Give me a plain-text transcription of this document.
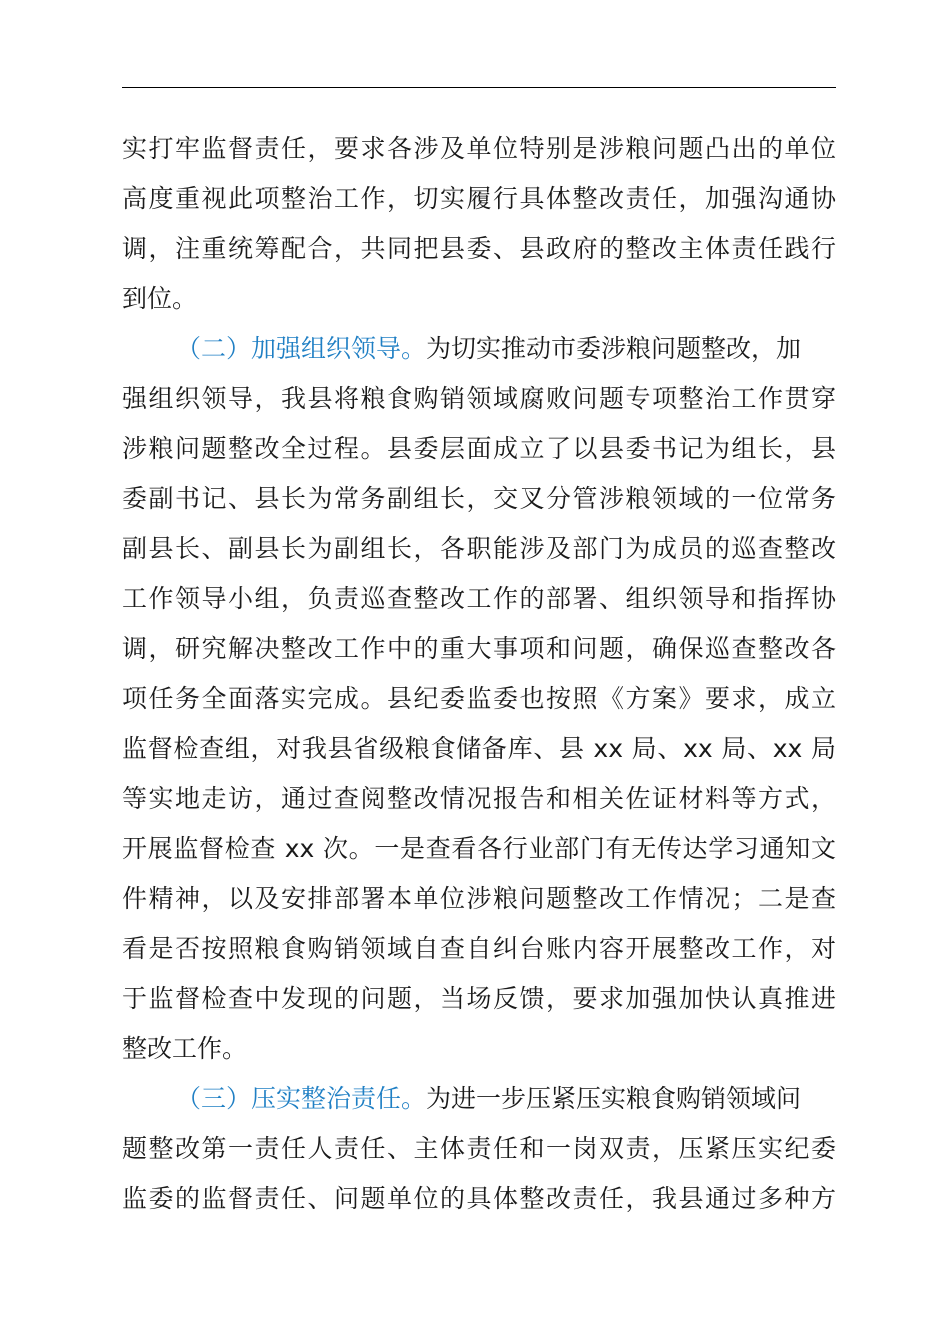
实打牢监督责任，要求各涉及单位特别是涉粮问题凸出的单位
高度重视此项整治工作，切实履行具体整改责任，加强沟通协
调，注重统筹配合，共同把县委、县政府的整改主体责任践行
到位。
（二）加强组织领导。为切实推动市委涉粮问题整改，加
强组织领导，我县将粮食购销领域腐败问题专项整治工作贯穿
涉粮问题整改全过程。县委层面成立了以县委书记为组长，县
委副书记、县长为常务副组长，交叉分管涉粮领域的一位常务
副县长、副县长为副组长，各职能涉及部门为成员的巡查整改
工作领导小组，负责巡查整改工作的部署、组织领导和指挥协
调，研究解决整改工作中的重大事项和问题，确保巡查整改各
项任务全面落实完成。县纪委监委也按照《方案》要求，成立
监督检查组，对我县省级粮食储备库、县 xx 局、xx 局、xx 局
等实地走访，通过查阅整改情况报告和相关佐证材料等方式，
开展监督检查 xx 次。一是查看各行业部门有无传达学习通知文
件精神，以及安排部署本单位涉粮问题整改工作情况；二是查
看是否按照粮食购销领域自查自纠台账内容开展整改工作，对
于监督检查中发现的问题，当场反馈，要求加强加快认真推进
整改工作。
（三）压实整治责任。为进一步压紧压实粮食购销领域问
题整改第一责任人责任、主体责任和一岗双责，压紧压实纪委
监委的监督责任、问题单位的具体整改责任，我县通过多种方
